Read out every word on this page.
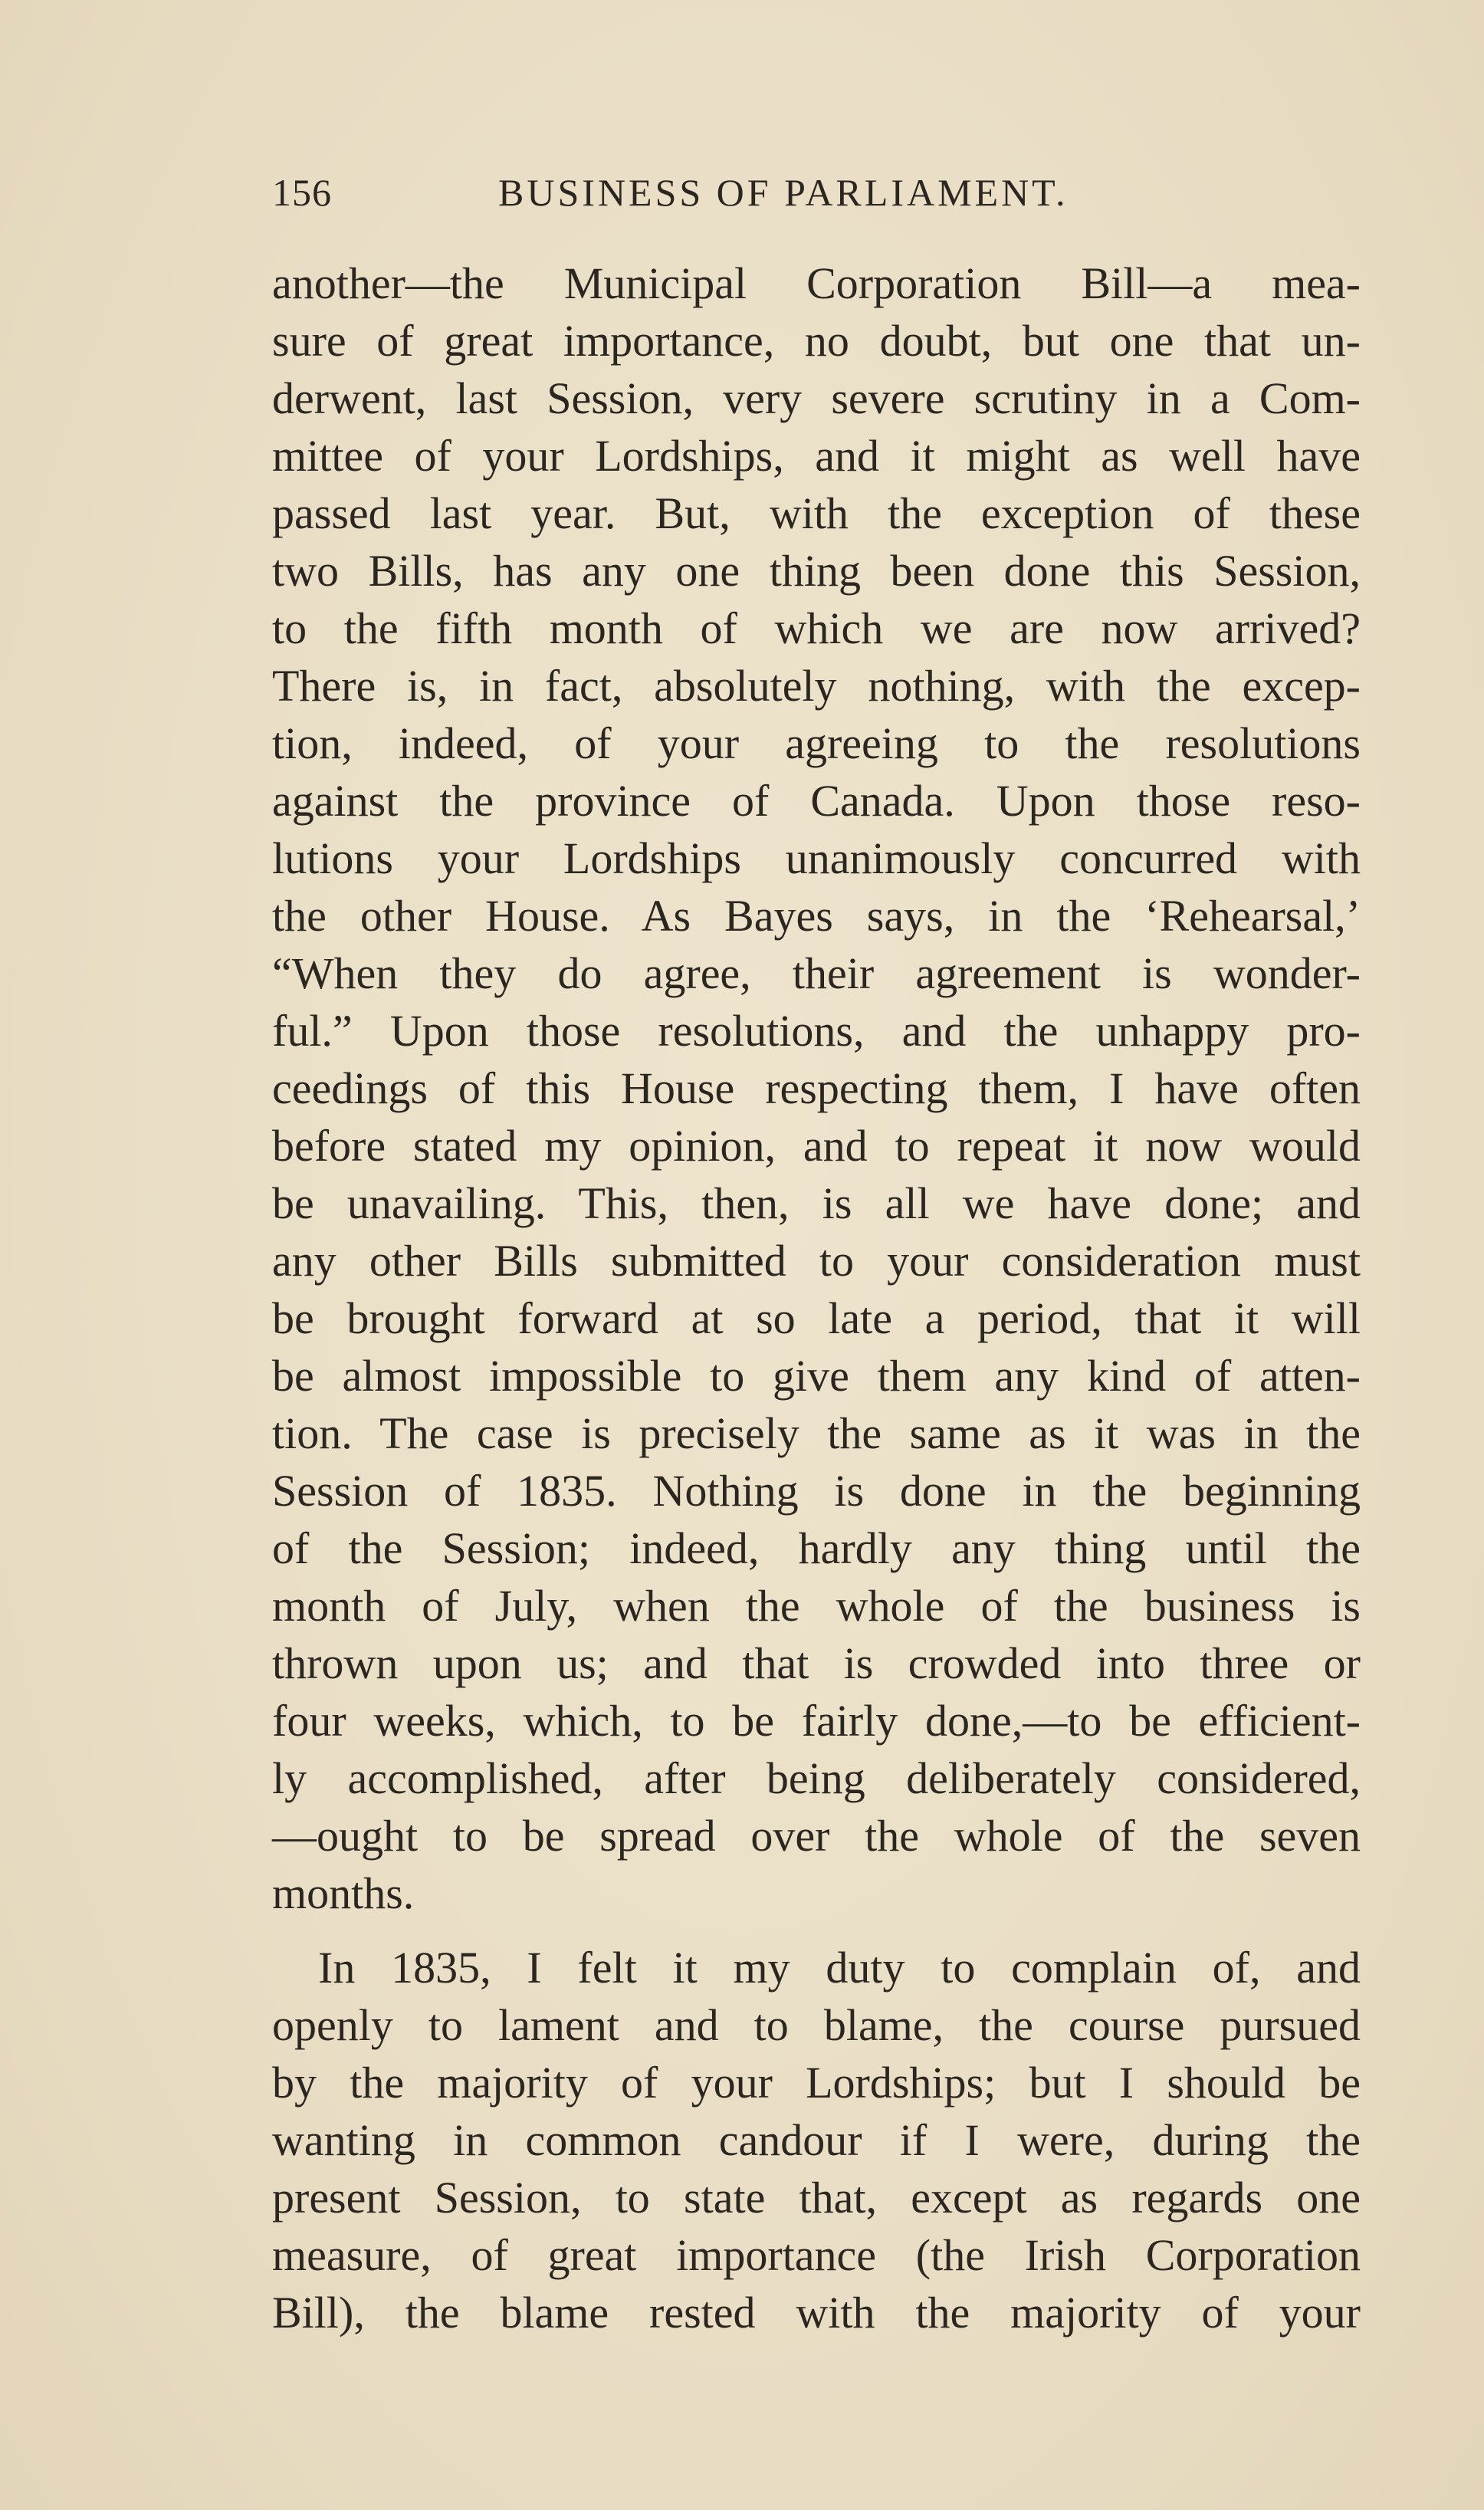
156	BUSINESS OF PARLIAMENT.
another—the Municipal Corporation Bill—a mea-
sure of great importance, no doubt, but one that un-
derwent, last Session, very severe scrutiny in a Com-
mittee of your Lordships, and it might as well have
passed last year. But, with the exception of these
two Bills, has any one thing been done this Session,
to the fifth month of which we are now arrived?
There is, in fact, absolutely nothing, with the excep-
tion, indeed, of your agreeing to the resolutions
against the province of Canada. Upon those reso-
lutions your Lordships unanimously concurred with
the other House. As Bayes says, in the ‘Rehearsal,’
“When they do agree, their agreement is wonder-
ful.” Upon those resolutions, and the unhappy pro-
ceedings of this House respecting them, I have often
before stated my opinion, and to repeat it now would
be unavailing. This, then, is all we have done; and
any other Bills submitted to your consideration must
be brought forward at so late a period, that it will
be almost impossible to give them any kind of atten-
tion. The case is precisely the same as it was in the
Session of 1835. Nothing is done in the beginning
of the Session; indeed, hardly any thing until the
month of July, when the whole of the business is
thrown upon us; and that is crowded into three or
four weeks, which, to be fairly done,—to be efficient-
ly accomplished, after being deliberately considered,
—ought to be spread over the whole of the seven
months.
In 1835, I felt it my duty to complain of, and
openly to lament and to blame, the course pursued
by the majority of your Lordships; but I should be
wanting in common candour if I were, during the
present Session, to state that, except as regards one
measure, of great importance (the Irish Corporation
Bill), the blame rested with the majority of your
